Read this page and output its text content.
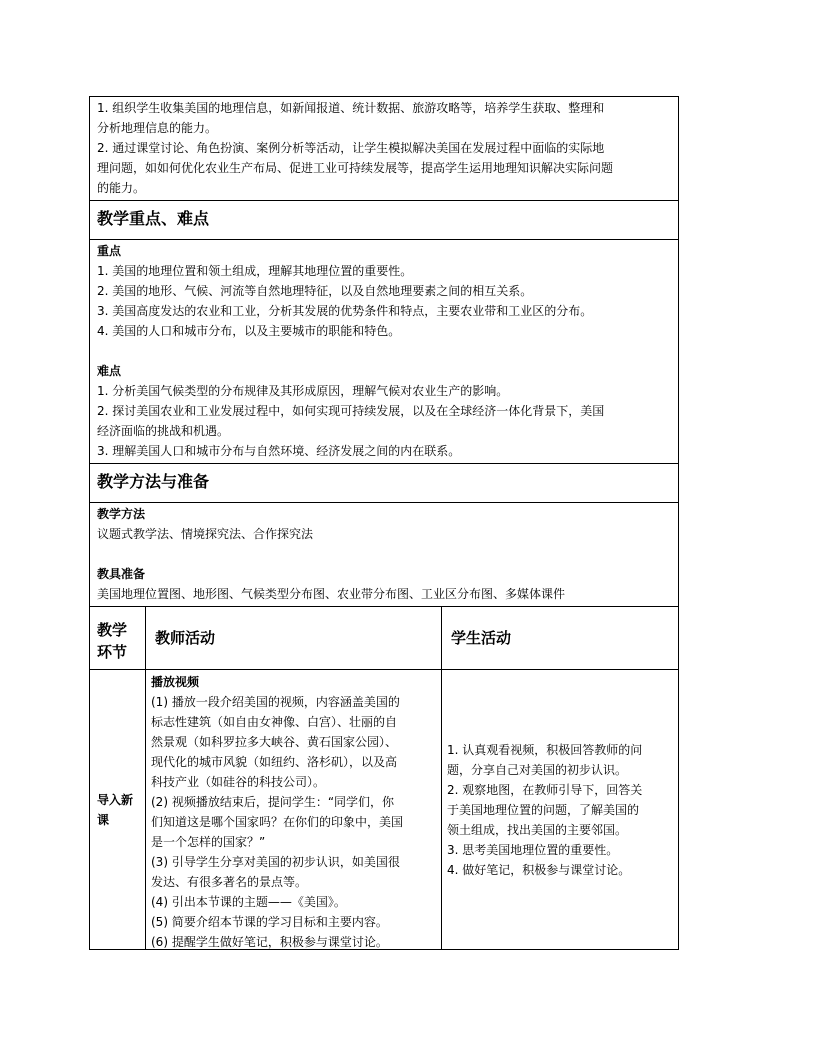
1. 组织学生收集美国的地理信息，如新闻报道、统计数据、旅游攻略等，培养学生获取、整理和
分析地理信息的能力。
2. 通过课堂讨论、角色扮演、案例分析等活动，让学生模拟解决美国在发展过程中面临的实际地
理问题，如如何优化农业生产布局、促进工业可持续发展等，提高学生运用地理知识解决实际问题
的能力。
教学重点、难点
重点
1. 美国的地理位置和领土组成，理解其地理位置的重要性。
2. 美国的地形、气候、河流等自然地理特征，以及自然地理要素之间的相互关系。
3. 美国高度发达的农业和工业，分析其发展的优势条件和特点，主要农业带和工业区的分布。
4. 美国的人口和城市分布，以及主要城市的职能和特色。
难点
1. 分析美国气候类型的分布规律及其形成原因，理解气候对农业生产的影响。
2. 探讨美国农业和工业发展过程中，如何实现可持续发展，以及在全球经济一体化背景下，美国
经济面临的挑战和机遇。
3. 理解美国人口和城市分布与自然环境、经济发展之间的内在联系。
教学方法与准备
教学方法
议题式教学法、情境探究法、合作探究法
教具准备
美国地理位置图、地形图、气候类型分布图、农业带分布图、工业区分布图、多媒体课件
教学环节
教师活动	学生活动
导入新课

播放视频

(1) 播放一段介绍美国的视频，内容涵盖美国的

标志性建筑（如自由女神像、白宫）、壮丽的自

然景观（如科罗拉多大峡谷、黄石国家公园）、

现代化的城市风貌（如纽约、洛杉矶），以及高

科技产业（如硅谷的科技公司）。

(2) 视频播放结束后，提问学生：“同学们，你

们知道这是哪个国家吗？在你们的印象中，美国

是一个怎样的国家？”

(3) 引导学生分享对美国的初步认识，如美国很

发达、有很多著名的景点等。

(4) 引出本节课的主题——《美国》。

(5) 简要介绍本节课的学习目标和主要内容。

(6) 提醒学生做好笔记，积极参与课堂讨论。

1. 认真观看视频，积极回答教师的问

题，分享自己对美国的初步认识。

2. 观察地图，在教师引导下，回答关

于美国地理位置的问题，了解美国的

领土组成，找出美国的主要邻国。

3. 思考美国地理位置的重要性。

4. 做好笔记，积极参与课堂讨论。
